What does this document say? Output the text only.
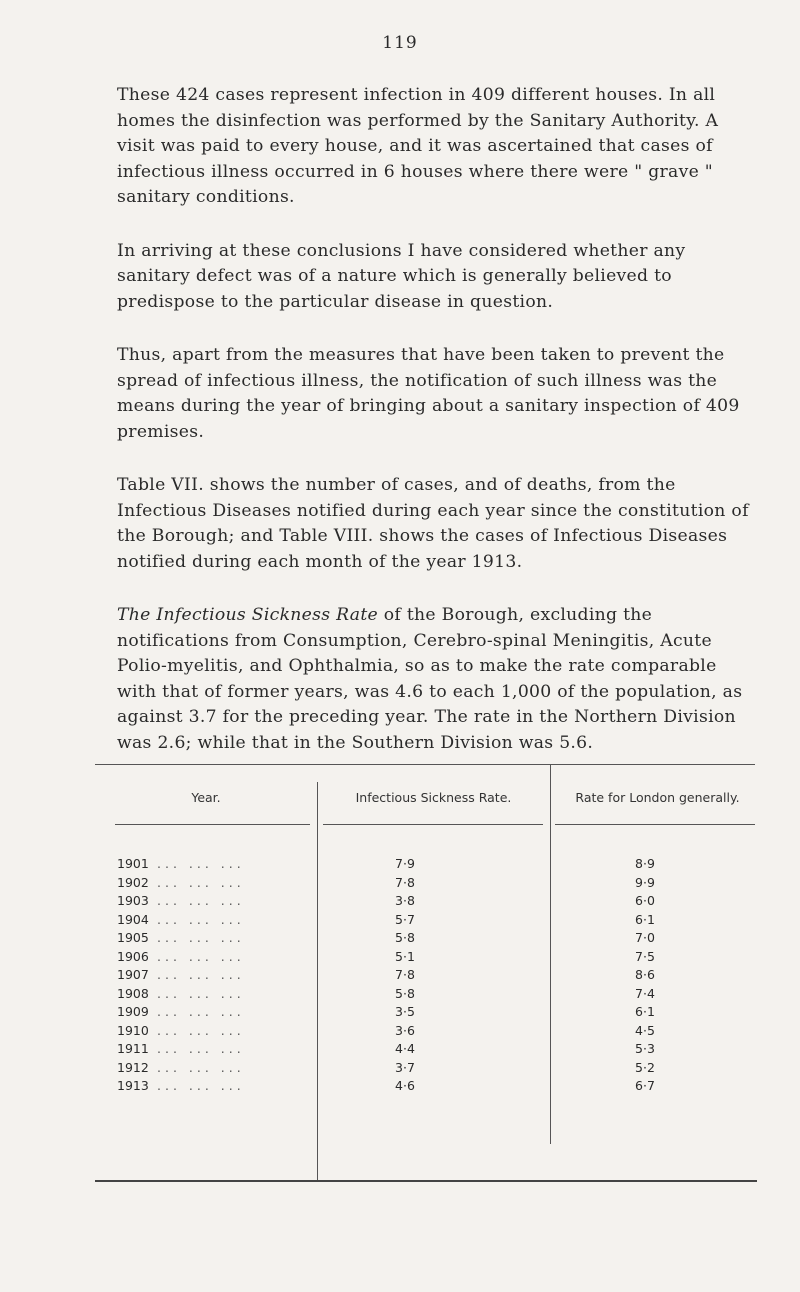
119

These 424 cases represent infection in 409 different houses. In all homes the disinfection was performed by the Sanitary Authority. A visit was paid to every house, and it was ascertained that cases of infectious illness occurred in 6 houses where there were " grave " sanitary conditions.

In arriving at these conclusions I have considered whether any sanitary defect was of a nature which is generally believed to predispose to the particular disease in question.

Thus, apart from the measures that have been taken to prevent the spread of infectious illness, the notification of such illness was the means during the year of bringing about a sanitary inspection of 409 premises.

Table VII. shows the number of cases, and of deaths, from the Infectious Diseases notified during each year since the constitution of the Borough; and Table VIII. shows the cases of Infectious Diseases notified during each month of the year 1913.

The Infectious Sickness Rate of the Borough, excluding the notifications from Consumption, Cerebro-spinal Meningitis, Acute Polio-myelitis, and Ophthalmia, so as to make the rate comparable with that of former years, was 4.6 to each 1,000 of the population, as against 3.7 for the preceding year. The rate in the Northern Division was 2.6; while that in the Southern Division was 5.6.

Year.	Infectious Sickness Rate.	Rate for London generally.
1901 ... ... ...	7·9	8·9
1902 ... ... ...	7·8	9·9
1903 ... ... ...	3·8	6·0
1904 ... ... ...	5·7	6·1
1905 ... ... ...	5·8	7·0
1906 ... ... ...	5·1	7·5
1907 ... ... ...	7·8	8·6
1908 ... ... ...	5·8	7·4
1909 ... ... ...	3·5	6·1
1910 ... ... ...	3·6	4·5
1911 ... ... ...	4·4	5·3
1912 ... ... ...	3·7	5·2
1913 ... ... ...	4·6	6·7
